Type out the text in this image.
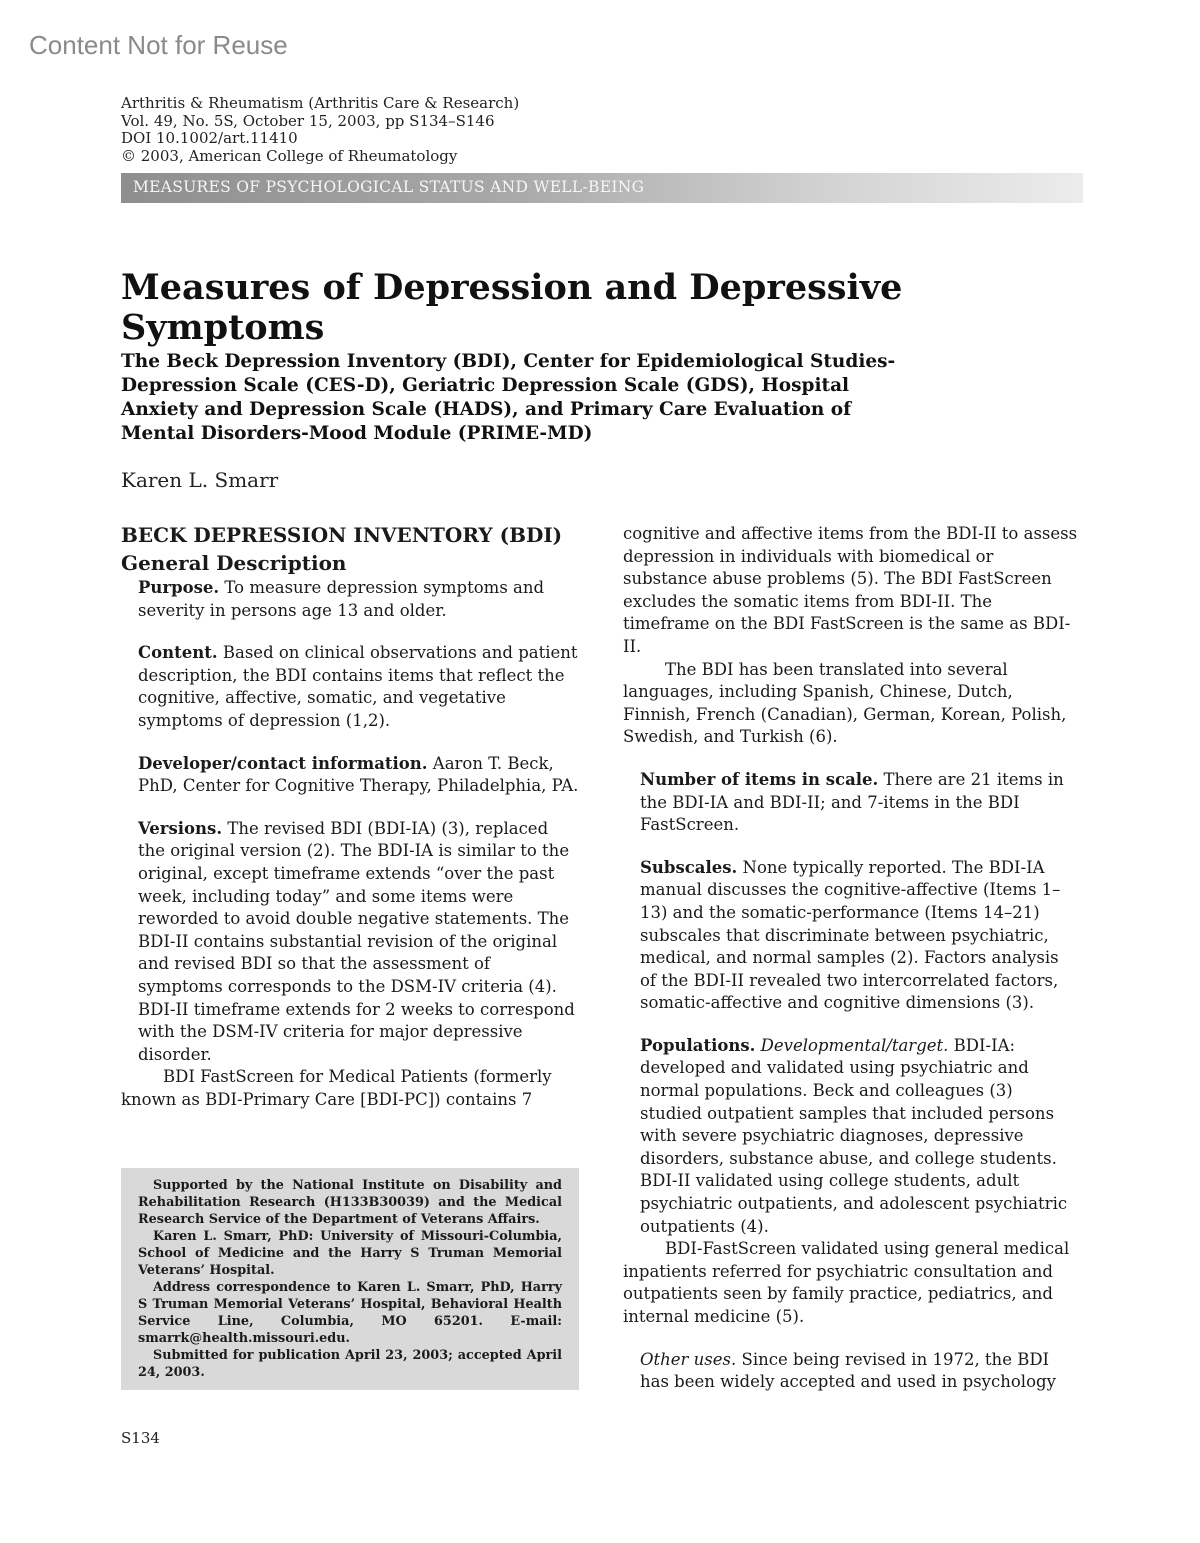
Content Not for Reuse
Arthritis & Rheumatism (Arthritis Care & Research)
Vol. 49, No. 5S, October 15, 2003, pp S134–S146
DOI 10.1002/art.11410
© 2003, American College of Rheumatology
MEASURES OF PSYCHOLOGICAL STATUS AND WELL-BEING
Measures of Depression and Depressive Symptoms
The Beck Depression Inventory (BDI), Center for Epidemiological Studies-Depression Scale (CES-D), Geriatric Depression Scale (GDS), Hospital Anxiety and Depression Scale (HADS), and Primary Care Evaluation of Mental Disorders-Mood Module (PRIME-MD)
Karen L. Smarr

BECK DEPRESSION INVENTORY (BDI)

General Description

Purpose. To measure depression symptoms and severity in persons age 13 and older.

Content. Based on clinical observations and patient description, the BDI contains items that reflect the cognitive, affective, somatic, and vegetative symptoms of depression (1,2).

Developer/contact information. Aaron T. Beck, PhD, Center for Cognitive Therapy, Philadelphia, PA.

Versions. The revised BDI (BDI-IA) (3), replaced the original version (2). The BDI-IA is similar to the original, except timeframe extends “over the past week, including today” and some items were reworded to avoid double negative statements. The BDI-II contains substantial revision of the original and revised BDI so that the assessment of symptoms corresponds to the DSM-IV criteria (4). BDI-II timeframe extends for 2 weeks to correspond with the DSM-IV criteria for major depressive disorder.

BDI FastScreen for Medical Patients (formerly known as BDI-Primary Care [BDI-PC]) contains 7

Supported by the National Institute on Disability and Rehabilitation Research (H133B30039) and the Medical Research Service of the Department of Veterans Affairs.

Karen L. Smarr, PhD: University of Missouri-Columbia, School of Medicine and the Harry S Truman Memorial Veterans’ Hospital.

Address correspondence to Karen L. Smarr, PhD, Harry S Truman Memorial Veterans’ Hospital, Behavioral Health Service Line, Columbia, MO 65201. E-mail: smarrk@health.missouri.edu.

Submitted for publication April 23, 2003; accepted April 24, 2003.

cognitive and affective items from the BDI-II to assess depression in individuals with biomedical or substance abuse problems (5). The BDI FastScreen excludes the somatic items from BDI-II. The timeframe on the BDI FastScreen is the same as BDI-II.

The BDI has been translated into several languages, including Spanish, Chinese, Dutch, Finnish, French (Canadian), German, Korean, Polish, Swedish, and Turkish (6).

Number of items in scale. There are 21 items in the BDI-IA and BDI-II; and 7-items in the BDI FastScreen.

Subscales. None typically reported. The BDI-IA manual discusses the cognitive-affective (Items 1–13) and the somatic-performance (Items 14–21) subscales that discriminate between psychiatric, medical, and normal samples (2). Factors analysis of the BDI-II revealed two intercorrelated factors, somatic-affective and cognitive dimensions (3).

Populations. Developmental/target. BDI-IA: developed and validated using psychiatric and normal populations. Beck and colleagues (3) studied outpatient samples that included persons with severe psychiatric diagnoses, depressive disorders, substance abuse, and college students. BDI-II validated using college students, adult psychiatric outpatients, and adolescent psychiatric outpatients (4).

BDI-FastScreen validated using general medical inpatients referred for psychiatric consultation and outpatients seen by family practice, pediatrics, and internal medicine (5).

Other uses. Since being revised in 1972, the BDI has been widely accepted and used in psychology

S134
